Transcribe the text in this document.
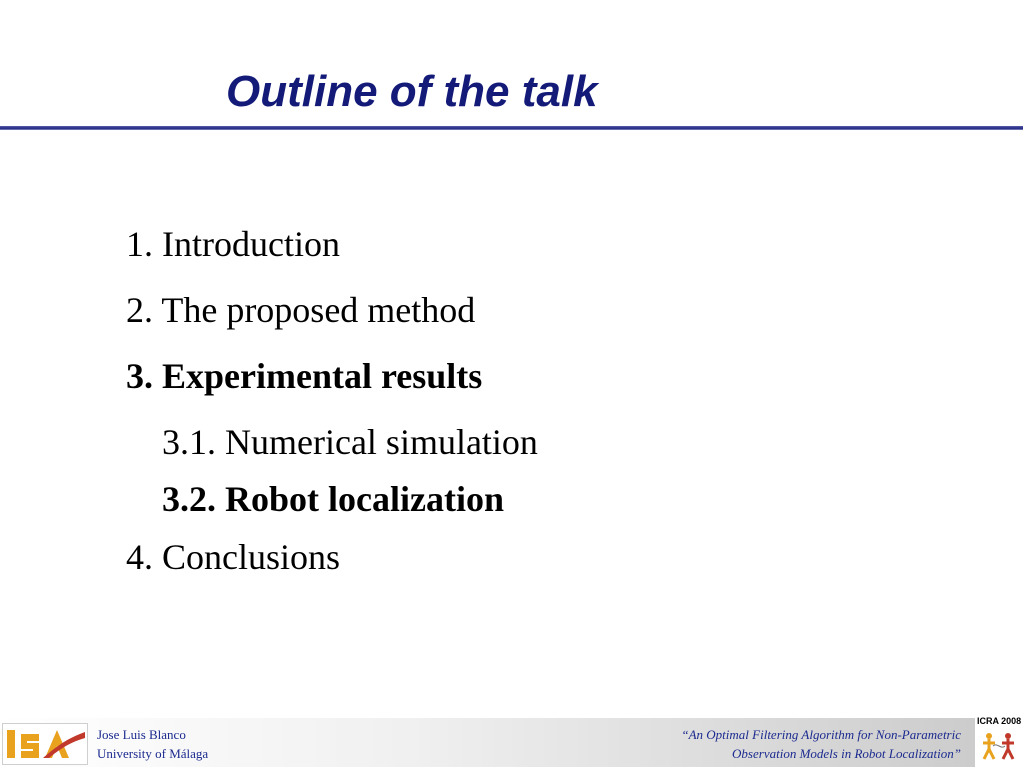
Outline of the talk
1. Introduction
2. The proposed method
3. Experimental results
3.1. Numerical simulation
3.2. Robot localization
4. Conclusions
Jose Luis Blanco
University of Málaga
“An Optimal Filtering Algorithm for Non-Parametric
Observation Models in Robot Localization”
ICRA 2008
